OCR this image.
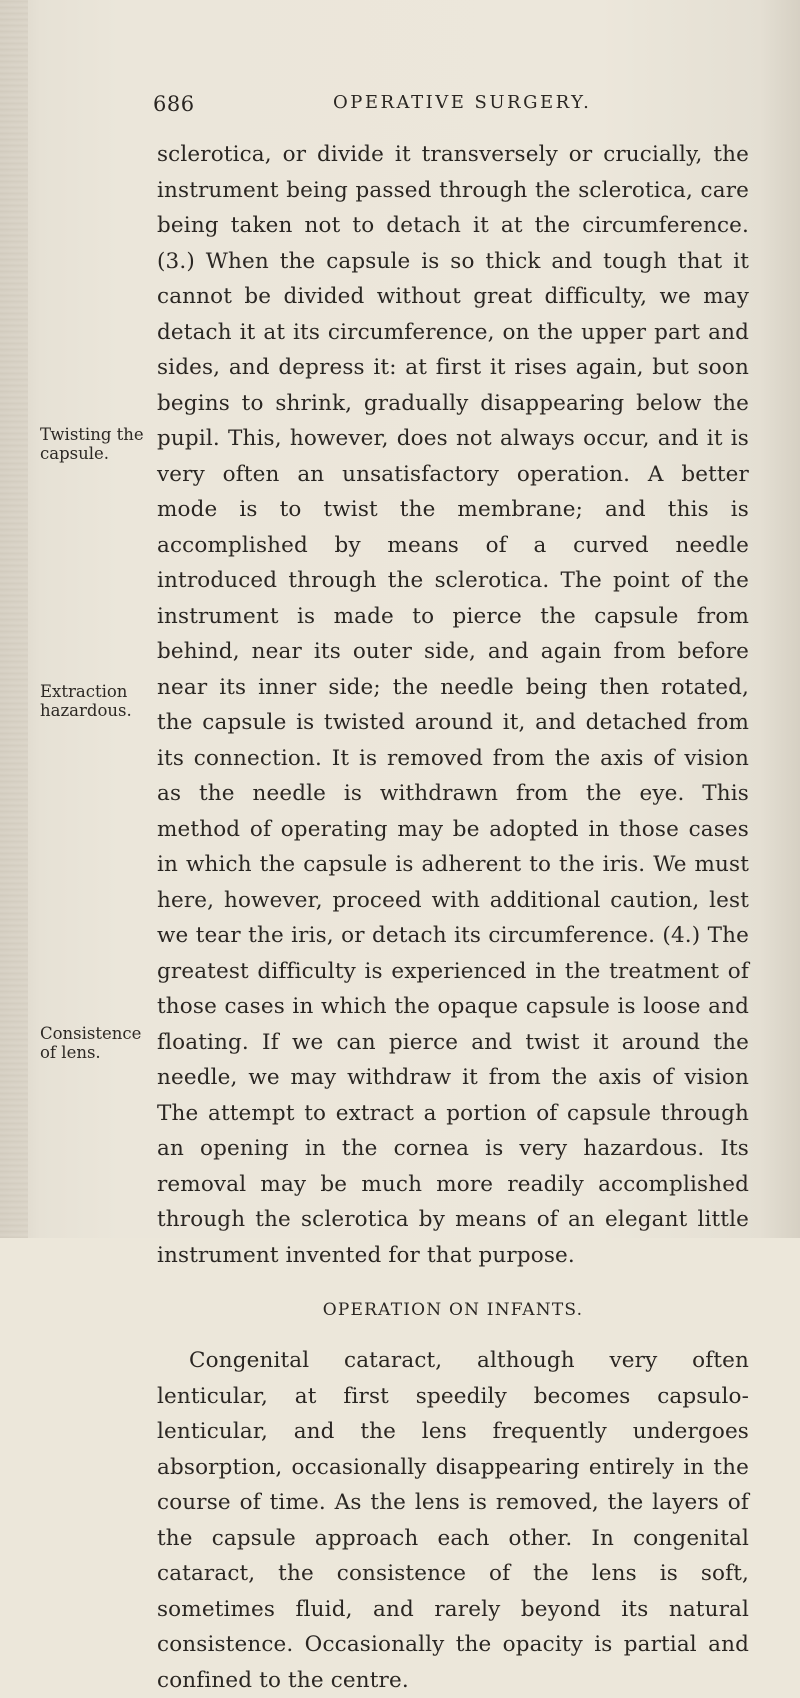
686	OPERATIVE SURGERY.
Twisting the capsule.
Extraction hazardous.
Consistence of lens.

sclerotica, or divide it transversely or crucially, the instrument being passed through the sclerotica, care being taken not to detach it at the circumference. (3.) When the capsule is so thick and tough that it cannot be divided without great difficulty, we may detach it at its circumference, on the upper part and sides, and depress it: at first it rises again, but soon begins to shrink, gradually disappearing below the pupil. This, however, does not always occur, and it is very often an unsatisfactory operation. A better mode is to twist the membrane; and this is accomplished by means of a curved needle introduced through the sclerotica. The point of the instrument is made to pierce the capsule from behind, near its outer side, and again from before near its inner side; the needle being then rotated, the capsule is twisted around it, and detached from its connection. It is removed from the axis of vision as the needle is withdrawn from the eye. This method of operating may be adopted in those cases in which the capsule is adherent to the iris. We must here, however, proceed with additional caution, lest we tear the iris, or detach its circumference. (4.) The greatest difficulty is experienced in the treatment of those cases in which the opaque capsule is loose and floating. If we can pierce and twist it around the needle, we may withdraw it from the axis of vision The attempt to extract a portion of capsule through an opening in the cornea is very hazardous. Its removal may be much more readily accomplished through the sclerotica by means of an elegant little instrument invented for that purpose.

OPERATION ON INFANTS.

Congenital cataract, although very often lenticular, at first speedily becomes capsulo-lenticular, and the lens frequently undergoes absorption, occasionally disappearing entirely in the course of time. As the lens is removed, the layers of the capsule approach each other. In congenital cataract, the consistence of the lens is soft, sometimes fluid, and rarely beyond its natural consistence. Occasionally the opacity is partial and confined to the centre.
